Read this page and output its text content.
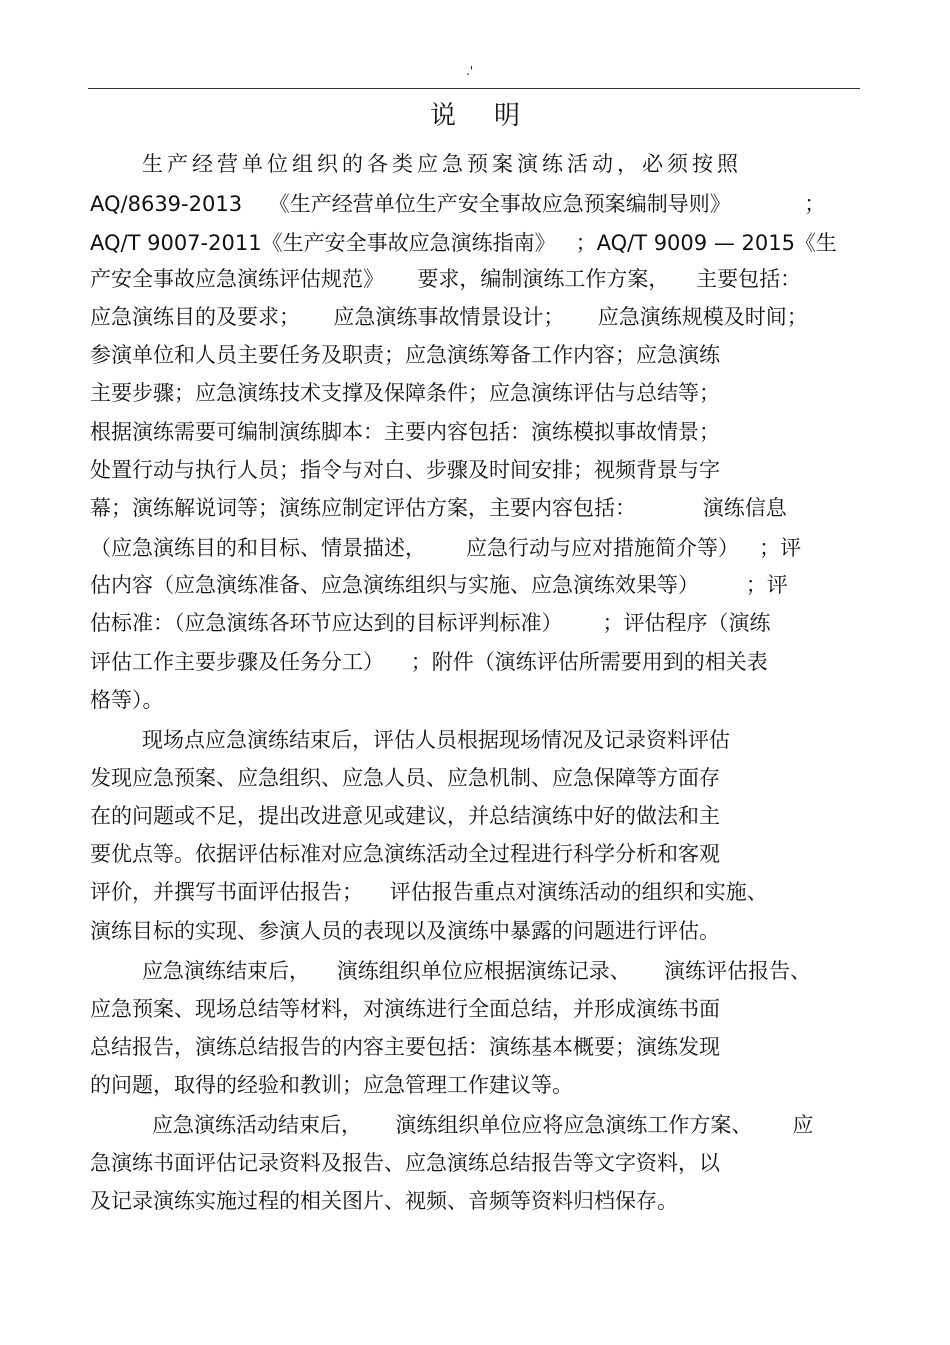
.'
说明
生产经营单位组织的各类应急预案演练活动，必须按照
AQ/8639-2013    《生产经营单位生产安全事故应急预案编制导则》           ；
AQ/T 9007-2011《生产安全事故应急演练指南》   ；AQ/T 9009 — 2015《生
产安全事故应急演练评估规范》     要求，编制演练工作方案，    主要包括：
应急演练目的及要求；     应急演练事故情景设计；     应急演练规模及时间；
参演单位和人员主要任务及职责；应急演练筹备工作内容；应急演练
主要步骤；应急演练技术支撑及保障条件；应急演练评估与总结等；
根据演练需要可编制演练脚本：主要内容包括：演练模拟事故情景；
处置行动与执行人员；指令与对白、步骤及时间安排；视频背景与字
幕；演练解说词等；演练应制定评估方案，主要内容包括：          演练信息
（应急演练目的和目标、情景描述，      应急行动与应对措施简介等）   ；评
估内容（应急演练准备、应急演练组织与实施、应急演练效果等）       ；评
估标准：（应急演练各环节应达到的目标评判标准）      ；评估程序（演练
评估工作主要步骤及任务分工）    ；附件（演练评估所需要用到的相关表
格等）。
现场点应急演练结束后，评估人员根据现场情况及记录资料评估
发现应急预案、应急组织、应急人员、应急机制、应急保障等方面存
在的问题或不足，提出改进意见或建议，并总结演练中好的做法和主
要优点等。依据评估标准对应急演练活动全过程进行科学分析和客观
评价，并撰写书面评估报告；    评估报告重点对演练活动的组织和实施、
演练目标的实现、参演人员的表现以及演练中暴露的问题进行评估。
应急演练结束后，    演练组织单位应根据演练记录、     演练评估报告、
应急预案、现场总结等材料，对演练进行全面总结，并形成演练书面
总结报告，演练总结报告的内容主要包括：演练基本概要；演练发现
的问题，取得的经验和教训；应急管理工作建议等。
应急演练活动结束后，     演练组织单位应将应急演练工作方案、      应
急演练书面评估记录资料及报告、应急演练总结报告等文字资料，以
及记录演练实施过程的相关图片、视频、音频等资料归档保存。
